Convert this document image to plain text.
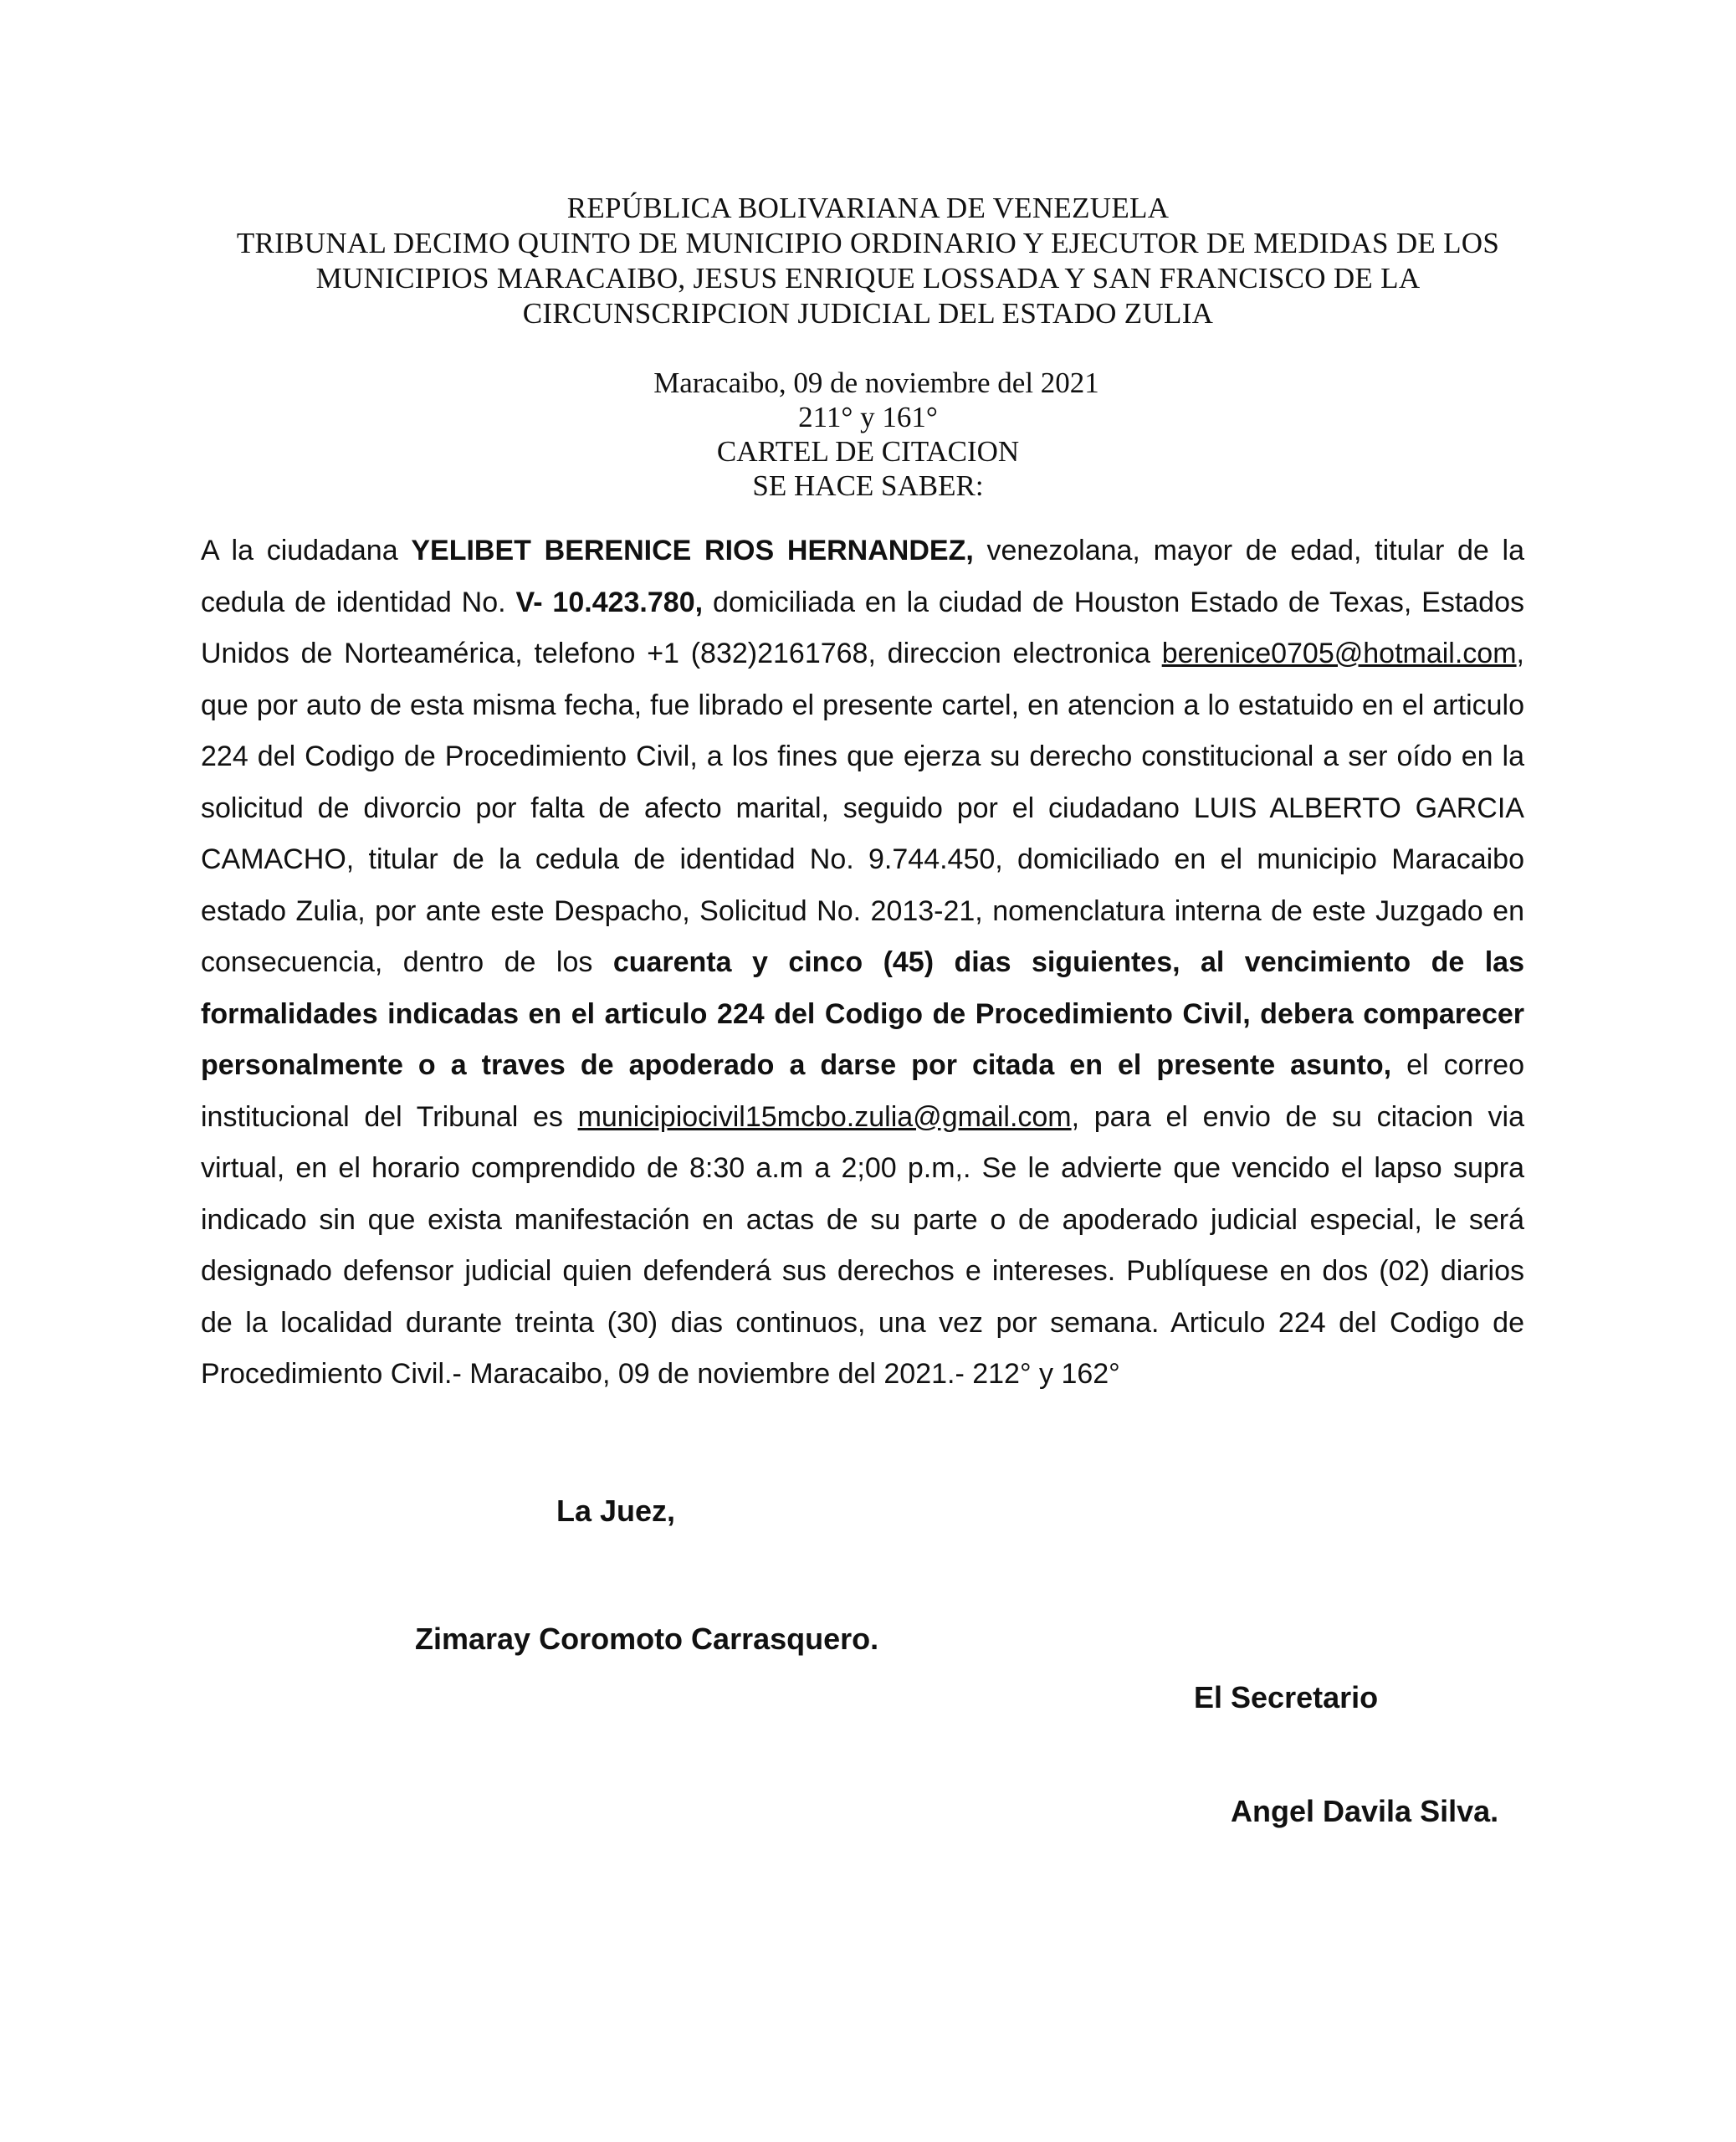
REPÚBLICA BOLIVARIANA DE VENEZUELA
TRIBUNAL DECIMO QUINTO DE MUNICIPIO ORDINARIO Y EJECUTOR DE MEDIDAS DE LOS
MUNICIPIOS MARACAIBO, JESUS ENRIQUE LOSSADA Y SAN FRANCISCO DE LA
CIRCUNSCRIPCION JUDICIAL DEL ESTADO ZULIA
Maracaibo, 09 de noviembre del 2021
211° y 161°
CARTEL DE CITACION
SE HACE SABER:
A la ciudadana YELIBET BERENICE RIOS HERNANDEZ, venezolana, mayor de edad, titular de la cedula de identidad No. V- 10.423.780, domiciliada en la ciudad de Houston Estado de Texas, Estados Unidos de Norteamérica, telefono +1 (832)2161768, direccion electronica berenice0705@hotmail.com, que por auto de esta misma fecha, fue librado el presente cartel, en atencion a lo estatuido en el articulo 224 del Codigo de Procedimiento Civil, a los fines que ejerza su derecho constitucional a ser oído en la solicitud de divorcio por falta de afecto marital, seguido por el ciudadano LUIS ALBERTO GARCIA CAMACHO, titular de la cedula de identidad No. 9.744.450, domiciliado en el municipio Maracaibo estado Zulia, por ante este Despacho, Solicitud No. 2013-21, nomenclatura interna de este Juzgado en consecuencia, dentro de los cuarenta y cinco (45) dias siguientes, al vencimiento de las formalidades indicadas en el articulo 224 del Codigo de Procedimiento Civil, debera comparecer personalmente o a traves de apoderado a darse por citada en el presente asunto, el correo institucional del Tribunal es municipiocivil15mcbo.zulia@gmail.com, para el envio de su citacion via virtual, en el horario comprendido de 8:30 a.m a 2;00 p.m,. Se le advierte que vencido el lapso supra indicado sin que exista manifestación en actas de su parte o de apoderado judicial especial, le será designado defensor judicial quien defenderá sus derechos e intereses. Publíquese en dos (02) diarios de la localidad durante treinta (30) dias continuos, una vez por semana. Articulo 224 del Codigo de Procedimiento Civil.- Maracaibo, 09 de noviembre del 2021.- 212° y 162°
La Juez,
Zimaray Coromoto Carrasquero.
El Secretario
Angel Davila Silva.
